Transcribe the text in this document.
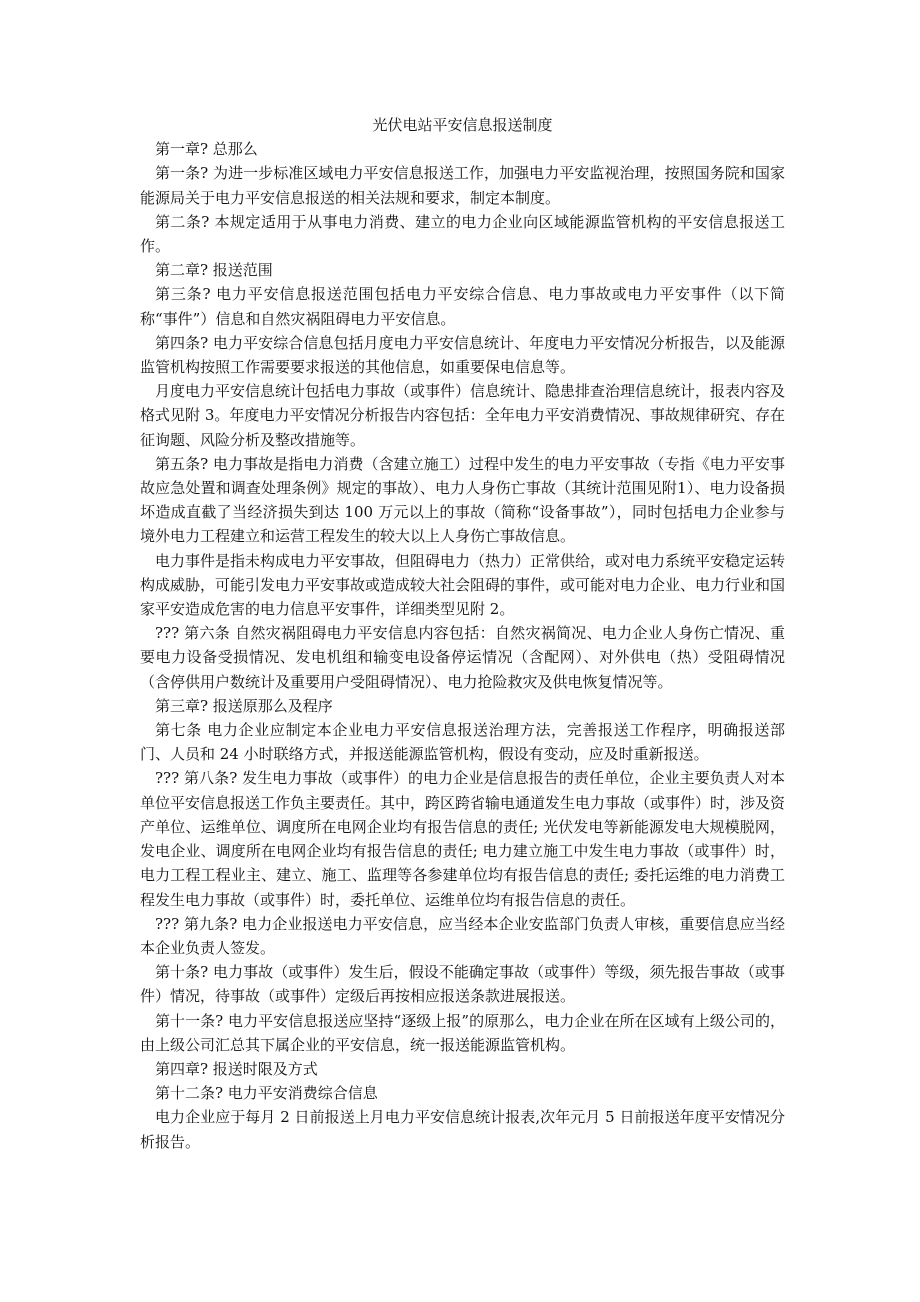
光伏电站平安信息报送制度

第一章? 总那么

第一条? 为进一步标准区域电力平安信息报送工作，加强电力平安监视治理，按照国务院和国家能源局关于电力平安信息报送的相关法规和要求，制定本制度。

第二条? 本规定适用于从事电力消费、建立的电力企业向区域能源监管机构的平安信息报送工作。

第二章? 报送范围

第三条? 电力平安信息报送范围包括电力平安综合信息、电力事故或电力平安事件（以下简称“事件”）信息和自然灾祸阻碍电力平安信息。

第四条? 电力平安综合信息包括月度电力平安信息统计、年度电力平安情况分析报告，以及能源监管机构按照工作需要要求报送的其他信息，如重要保电信息等。

月度电力平安信息统计包括电力事故（或事件）信息统计、隐患排查治理信息统计，报表内容及格式见附 3。年度电力平安情况分析报告内容包括：全年电力平安消费情况、事故规律研究、存在征询题、风险分析及整改措施等。

第五条? 电力事故是指电力消费（含建立施工）过程中发生的电力平安事故（专指《电力平安事故应急处置和调查处理条例》规定的事故）、电力人身伤亡事故（其统计范围见附1）、电力设备损坏造成直截了当经济损失到达 100 万元以上的事故（简称“设备事故”），同时包括电力企业参与境外电力工程建立和运营工程发生的较大以上人身伤亡事故信息。

电力事件是指未构成电力平安事故，但阻碍电力（热力）正常供给，或对电力系统平安稳定运转构成威胁，可能引发电力平安事故或造成较大社会阻碍的事件，或可能对电力企业、电力行业和国家平安造成危害的电力信息平安事件，详细类型见附 2。

??? 第六条 自然灾祸阻碍电力平安信息内容包括：自然灾祸简况、电力企业人身伤亡情况、重要电力设备受损情况、发电机组和输变电设备停运情况（含配网）、对外供电（热）受阻碍情况（含停供用户数统计及重要用户受阻碍情况）、电力抢险救灾及供电恢复情况等。

第三章? 报送原那么及程序

第七条 电力企业应制定本企业电力平安信息报送治理方法，完善报送工作程序，明确报送部门、人员和 24 小时联络方式，并报送能源监管机构，假设有变动，应及时重新报送。

??? 第八条? 发生电力事故（或事件）的电力企业是信息报告的责任单位，企业主要负责人对本单位平安信息报送工作负主要责任。其中，跨区跨省输电通道发生电力事故（或事件）时，涉及资产单位、运维单位、调度所在电网企业均有报告信息的责任; 光伏发电等新能源发电大规模脱网，发电企业、调度所在电网企业均有报告信息的责任; 电力建立施工中发生电力事故（或事件）时，电力工程工程业主、建立、施工、监理等各参建单位均有报告信息的责任; 委托运维的电力消费工程发生电力事故（或事件）时，委托单位、运维单位均有报告信息的责任。

??? 第九条? 电力企业报送电力平安信息，应当经本企业安监部门负责人审核，重要信息应当经本企业负责人签发。

第十条? 电力事故（或事件）发生后，假设不能确定事故（或事件）等级，须先报告事故（或事件）情况，待事故（或事件）定级后再按相应报送条款进展报送。

第十一条? 电力平安信息报送应坚持“逐级上报”的原那么，电力企业在所在区域有上级公司的，由上级公司汇总其下属企业的平安信息，统一报送能源监管机构。

第四章? 报送时限及方式

第十二条? 电力平安消费综合信息

电力企业应于每月 2 日前报送上月电力平安信息统计报表,次年元月 5 日前报送年度平安情况分析报告。
